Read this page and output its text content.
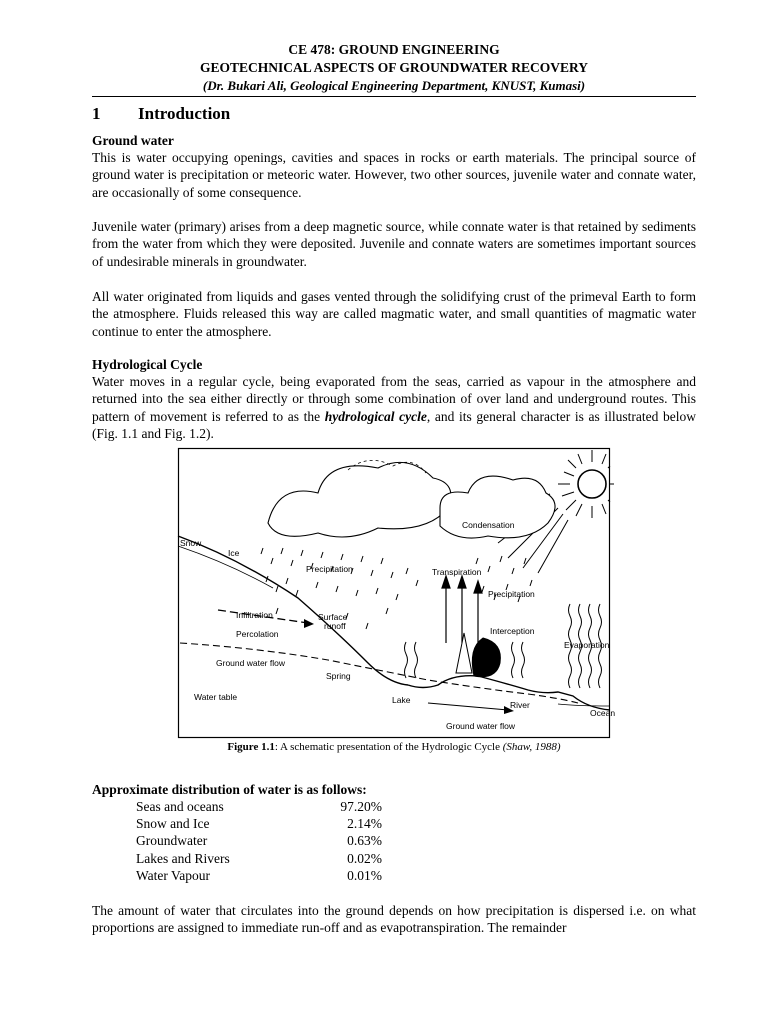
CE 478: GROUND ENGINEERING
GEOTECHNICAL ASPECTS OF GROUNDWATER RECOVERY
(Dr. Bukari Ali, Geological Engineering Department, KNUST, Kumasi)
1 Introduction
Ground water
This is water occupying openings, cavities and spaces in rocks or earth materials. The principal source of ground water is precipitation or meteoric water. However, two other sources, juvenile water and connate water, are occasionally of some consequence.
Juvenile water (primary) arises from a deep magnetic source, while connate water is that retained by sediments from the water from which they were deposited. Juvenile and connate waters are sometimes important sources of undesirable minerals in groundwater.
All water originated from liquids and gases vented through the solidifying crust of the primeval Earth to form the atmosphere. Fluids released this way are called magmatic water, and small quantities of magmatic water continue to enter the atmosphere.
Hydrological Cycle
Water moves in a regular cycle, being evaporated from the seas, carried as vapour in the atmosphere and returned into the sea either directly or through some combination of over land and underground routes. This pattern of movement is referred to as the hydrological cycle, and its general character is as illustrated below (Fig. 1.1 and Fig. 1.2).
Condensation
Snow
Ice
Precipitation	Transpiration
Precipitation
Infiltration	Surface
runoff
Percolation	Interception
Evaporation
Ground water flow
Spring
Water table	Lake	River
Ocean
Ground water flow
Figure 1.1: A schematic presentation of the Hydrologic Cycle (Shaw, 1988)
Approximate distribution of water is as follows:
Seas and oceans	97.20%
Snow and Ice	2.14%
Groundwater	0.63%
Lakes and Rivers	0.02%
Water Vapour	0.01%
The amount of water that circulates into the ground depends on how precipitation is dispersed i.e. on what proportions are assigned to immediate run-off and as evapotranspiration. The remainder
